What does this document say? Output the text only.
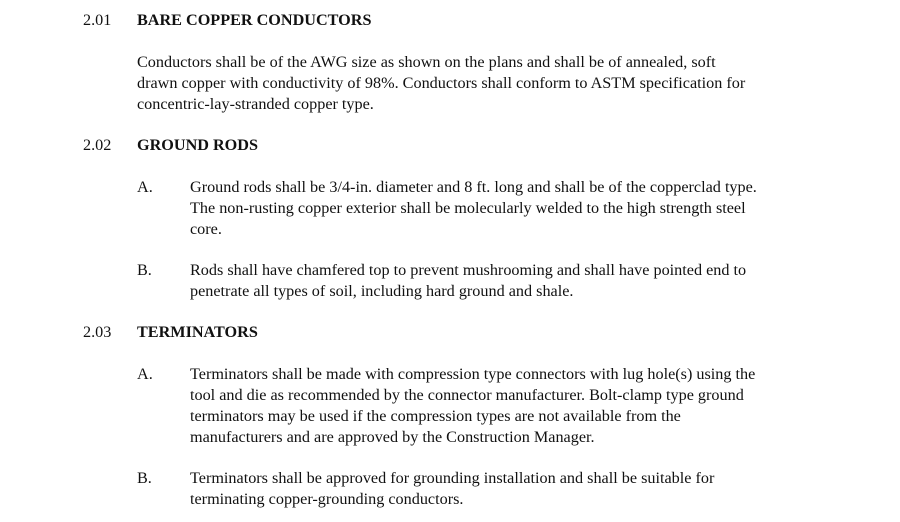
2.01 BARE COPPER CONDUCTORS
Conductors shall be of the AWG size as shown on the plans and shall be of annealed, soft
drawn copper with conductivity of 98%. Conductors shall conform to ASTM specification for
concentric-lay-stranded copper type.
2.02 GROUND RODS
A. Ground rods shall be 3/4-in. diameter and 8 ft. long and shall be of the copperclad type.
The non-rusting copper exterior shall be molecularly welded to the high strength steel
core.
B. Rods shall have chamfered top to prevent mushrooming and shall have pointed end to
penetrate all types of soil, including hard ground and shale.
2.03 TERMINATORS
A. Terminators shall be made with compression type connectors with lug hole(s) using the
tool and die as recommended by the connector manufacturer. Bolt-clamp type ground
terminators may be used if the compression types are not available from the
manufacturers and are approved by the Construction Manager.
B. Terminators shall be approved for grounding installation and shall be suitable for
terminating copper-grounding conductors.
